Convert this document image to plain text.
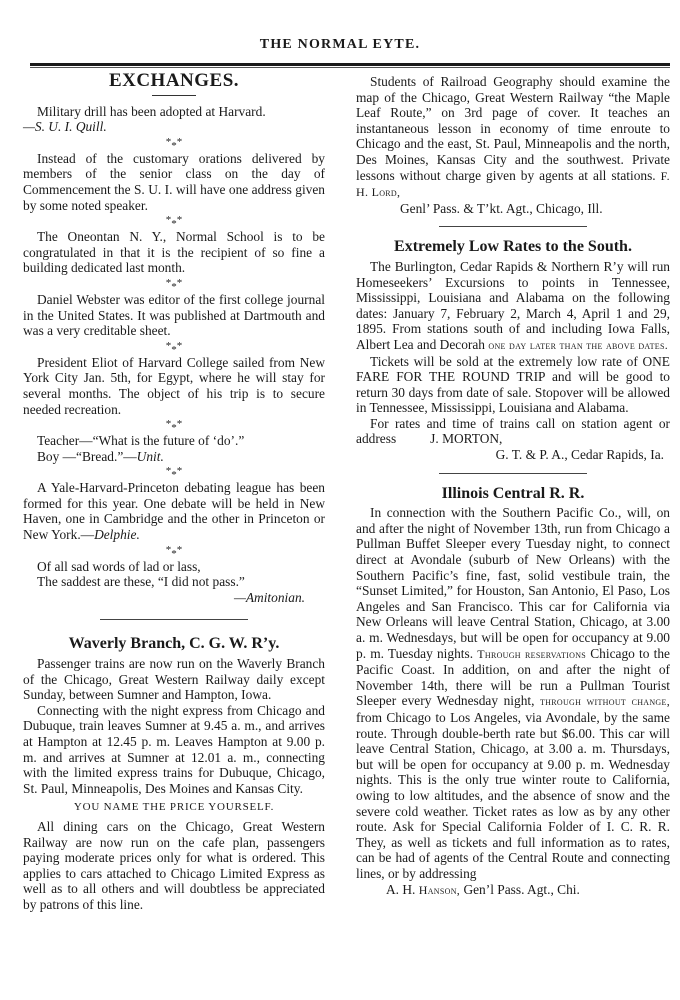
THE NORMAL EYTE.
EXCHANGES.

Military drill has been adopted at Harvard.

—S. U. I. Quill.

***

Instead of the customary orations delivered by members of the senior class on the day of Commencement the S. U. I. will have one address given by some noted speaker.

***

The Oneontan N. Y., Normal School is to be congratulated in that it is the recipient of so fine a building dedicated last month.

***

Daniel Webster was editor of the first college journal in the United States. It was published at Dartmouth and was a very creditable sheet.

***

President Eliot of Harvard College sailed from New York City Jan. 5th, for Egypt, where he will stay for several months. The object of his trip is to secure needed recreation.

***

Teacher—“What is the future of ‘do’.”

Boy —“Bread.”—Unit.

***

A Yale-Harvard-Princeton debating league has been formed for this year. One debate will be held in New Haven, one in Cambridge and the other in Princeton or New York.—Delphie.

***

Of all sad words of lad or lass,

The saddest are these, “I did not pass.”

—Amitonian.

Waverly Branch, C. G. W. R’y.

Passenger trains are now run on the Waverly Branch of the Chicago, Great Western Railway daily except Sunday, between Sumner and Hampton, Iowa.

Connecting with the night express from Chicago and Dubuque, train leaves Sumner at 9.45 a. m., and arrives at Hampton at 12.45 p. m. Leaves Hampton at 9.00 p. m. and arrives at Sumner at 12.01 a. m., connecting with the limited express trains for Dubuque, Chicago, St. Paul, Minneapolis, Des Moines and Kansas City.

YOU NAME THE PRICE YOURSELF.

All dining cars on the Chicago, Great Western Railway are now run on the cafe plan, passengers paying moderate prices only for what is ordered. This applies to cars attached to Chicago Limited Express as well as to all others and will doubtless be appreciated by patrons of this line.

Students of Railroad Geography should examine the map of the Chicago, Great Western Railway “the Maple Leaf Route,” on 3rd page of cover. It teaches an instantaneous lesson in economy of time enroute to Chicago and the east, St. Paul, Minneapolis and the north, Des Moines, Kansas City and the southwest. Private lessons without charge given by agents at all stations. F. H. Lord,

Genl’ Pass. & T’kt. Agt., Chicago, Ill.

Extremely Low Rates to the South.

The Burlington, Cedar Rapids & Northern R’y will run Homeseekers’ Excursions to points in Tennessee, Mississippi, Louisiana and Alabama on the following dates: January 7, February 2, March 4, April 1 and 29, 1895. From stations south of and including Iowa Falls, Albert Lea and Decorah one day later than the above dates.

Tickets will be sold at the extremely low rate of ONE FARE FOR THE ROUND TRIP and will be good to return 30 days from date of sale. Stopover will be allowed in Tennessee, Mississippi, Louisiana and Alabama.

For rates and time of trains call on station agent or address	J. MORTON,

G. T. & P. A., Cedar Rapids, Ia.

Illinois Central R. R.

In connection with the Southern Pacific Co., will, on and after the night of November 13th, run from Chicago a Pullman Buffet Sleeper every Tuesday night, to connect direct at Avondale (suburb of New Orleans) with the Southern Pacific’s fine, fast, solid vestibule train, the “Sunset Limited,” for Houston, San Antonio, El Paso, Los Angeles and San Francisco. This car for California via New Orleans will leave Central Station, Chicago, at 3.00 a. m. Wednesdays, but will be open for occupancy at 9.00 p. m. Tuesday nights. Through reservations Chicago to the Pacific Coast. In addition, on and after the night of November 14th, there will be run a Pullman Tourist Sleeper every Wednesday night, through without change, from Chicago to Los Angeles, via Avondale, by the same route. Through double-berth rate but $6.00. This car will leave Central Station, Chicago, at 3.00 a. m. Thursdays, but will be open for occupancy at 9.00 p. m. Wednesday nights. This is the only true winter route to California, owing to low altitudes, and the absence of snow and the severe cold weather. Ticket rates as low as by any other route. Ask for Special California Folder of I. C. R. R. They, as well as tickets and full information as to rates, can be had of agents of the Central Route and connecting lines, or by addressing

A. H. Hanson, Gen’l Pass. Agt., Chi.
